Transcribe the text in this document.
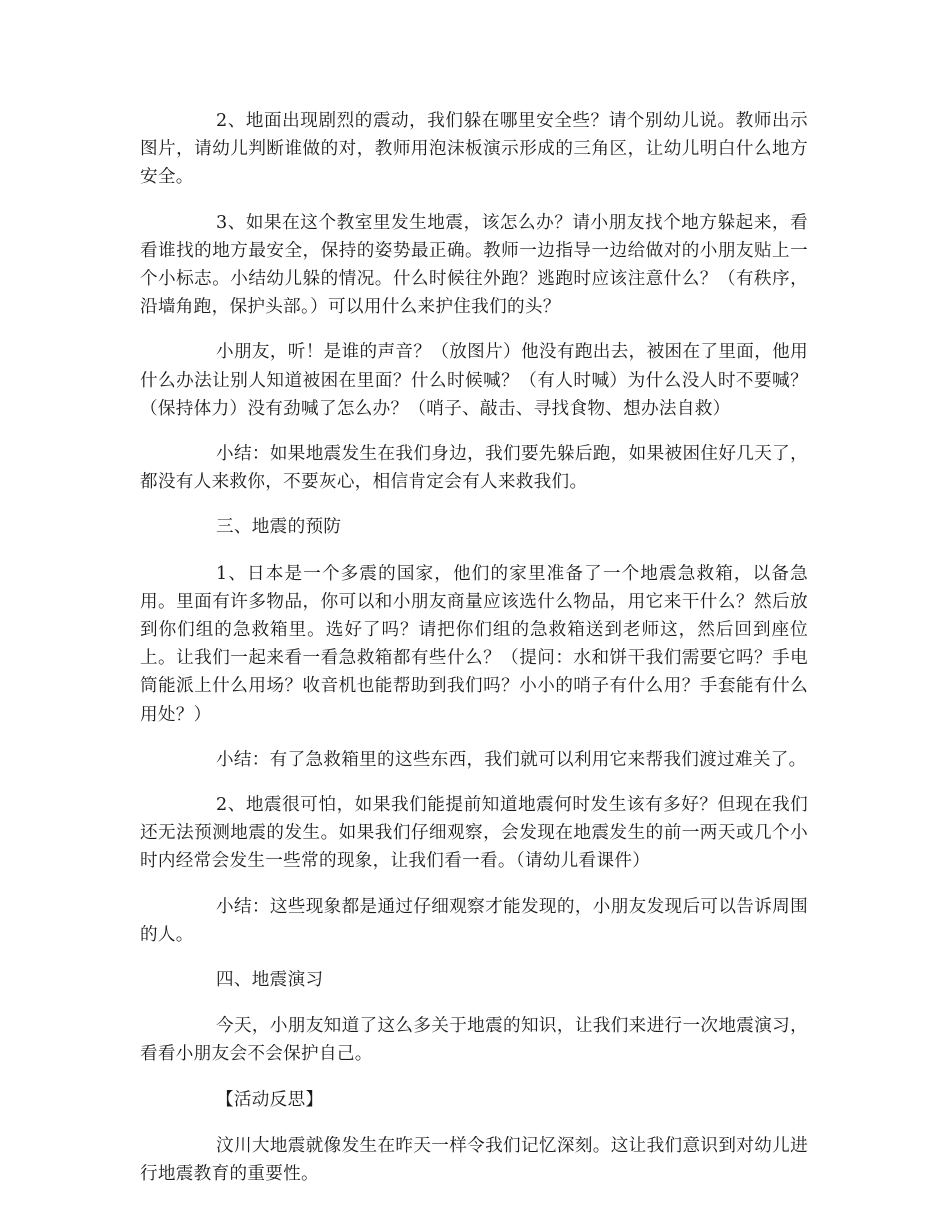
2、地面出现剧烈的震动，我们躲在哪里安全些？请个别幼儿说。教师出示图片，请幼儿判断谁做的对，教师用泡沫板演示形成的三角区，让幼儿明白什么地方安全。

3、如果在这个教室里发生地震，该怎么办？请小朋友找个地方躲起来，看看谁找的地方最安全，保持的姿势最正确。教师一边指导一边给做对的小朋友贴上一个小标志。小结幼儿躲的情况。什么时候往外跑？逃跑时应该注意什么？（有秩序，沿墙角跑，保护头部。）可以用什么来护住我们的头？

小朋友，听！是谁的声音？（放图片）他没有跑出去，被困在了里面，他用什么办法让别人知道被困在里面？什么时候喊？（有人时喊）为什么没人时不要喊？（保持体力）没有劲喊了怎么办？（哨子、敲击、寻找食物、想办法自救）

小结：如果地震发生在我们身边，我们要先躲后跑，如果被困住好几天了，都没有人来救你，不要灰心，相信肯定会有人来救我们。

三、地震的预防

1、日本是一个多震的国家，他们的家里准备了一个地震急救箱，以备急用。里面有许多物品，你可以和小朋友商量应该选什么物品，用它来干什么？然后放到你们组的急救箱里。选好了吗？请把你们组的急救箱送到老师这，然后回到座位上。让我们一起来看一看急救箱都有些什么？（提问：水和饼干我们需要它吗？手电筒能派上什么用场？收音机也能帮助到我们吗？小小的哨子有什么用？手套能有什么用处？）

小结：有了急救箱里的这些东西，我们就可以利用它来帮我们渡过难关了。

2、地震很可怕，如果我们能提前知道地震何时发生该有多好？但现在我们还无法预测地震的发生。如果我们仔细观察，会发现在地震发生的前一两天或几个小时内经常会发生一些常的现象，让我们看一看。（请幼儿看课件）

小结：这些现象都是通过仔细观察才能发现的，小朋友发现后可以告诉周围的人。

四、地震演习

今天，小朋友知道了这么多关于地震的知识，让我们来进行一次地震演习，看看小朋友会不会保护自己。

【活动反思】

汶川大地震就像发生在昨天一样令我们记忆深刻。这让我们意识到对幼儿进行地震教育的重要性。
